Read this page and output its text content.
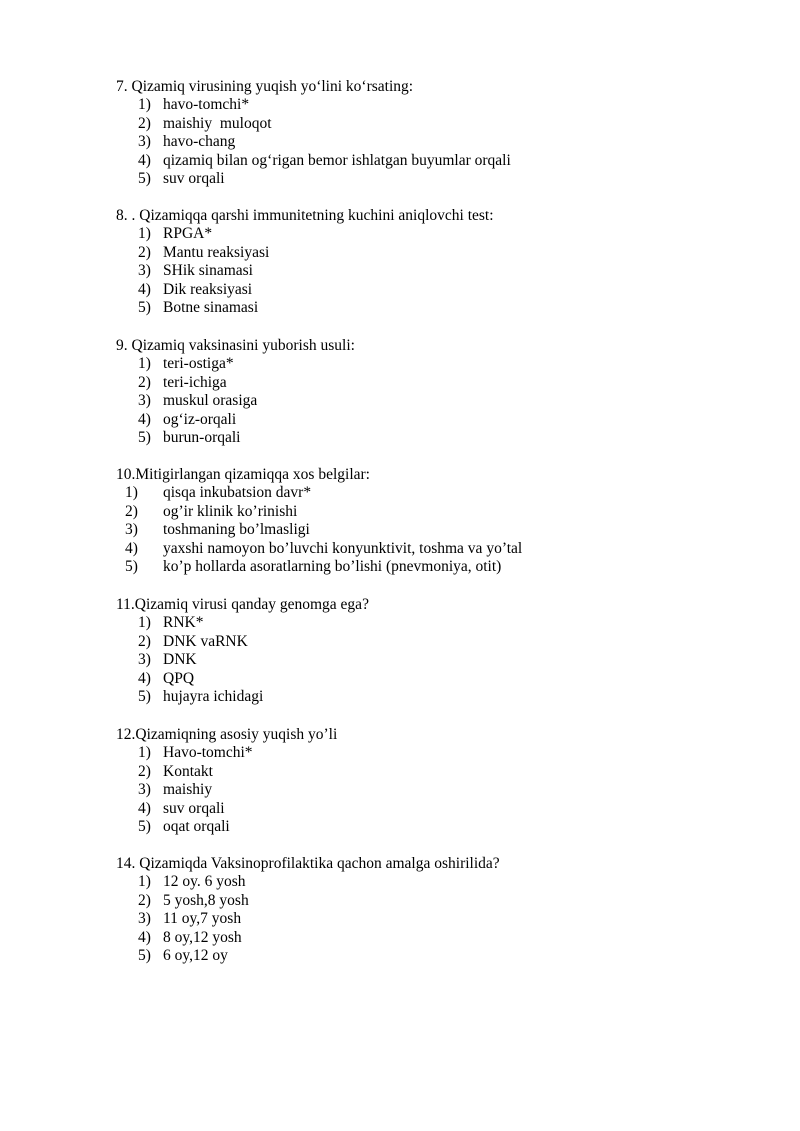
7. Qizamiq virusining yuqish yo‘lini ko‘rsating:
1) havo-tomchi*
2) maishiy  muloqot
3) havo-chang
4) qizamiq bilan og‘rigan bemor ishlatgan buyumlar orqali
5) suv orqali
8. . Qizamiqqa qarshi immunitetning kuchini aniqlovchi test:
1) RPGA*
2) Mantu reaksiyasi
3) SHik sinamasi
4) Dik reaksiyasi
5) Botne sinamasi
9. Qizamiq vaksinasini yuborish usuli:
1) teri-ostiga*
2) teri-ichiga
3) muskul orasiga
4) og‘iz-orqali
5) burun-orqali
10.Mitigirlangan qizamiqqa xos belgilar:
1) qisqa inkubatsion davr*
2) og’ir klinik ko’rinishi
3) toshmaning bo’lmasligi
4) yaxshi namoyon bo’luvchi konyunktivit, toshma va yo’tal
5) ko’p hollarda asoratlarning bo’lishi (pnevmoniya, otit)
11.Qizamiq virusi qanday genomga ega?
1) RNK*
2) DNK vaRNK
3) DNK
4) QPQ
5) hujayra ichidagi
12.Qizamiqning asosiy yuqish yo’li
1) Havo-tomchi*
2) Kontakt
3) maishiy
4) suv orqali
5) oqat orqali
14. Qizamiqda Vaksinoprofilaktika qachon amalga oshirilida?
1) 12 oy. 6 yosh
2) 5 yosh,8 yosh
3) 11 oy,7 yosh
4) 8 oy,12 yosh
5) 6 oy,12 oy
